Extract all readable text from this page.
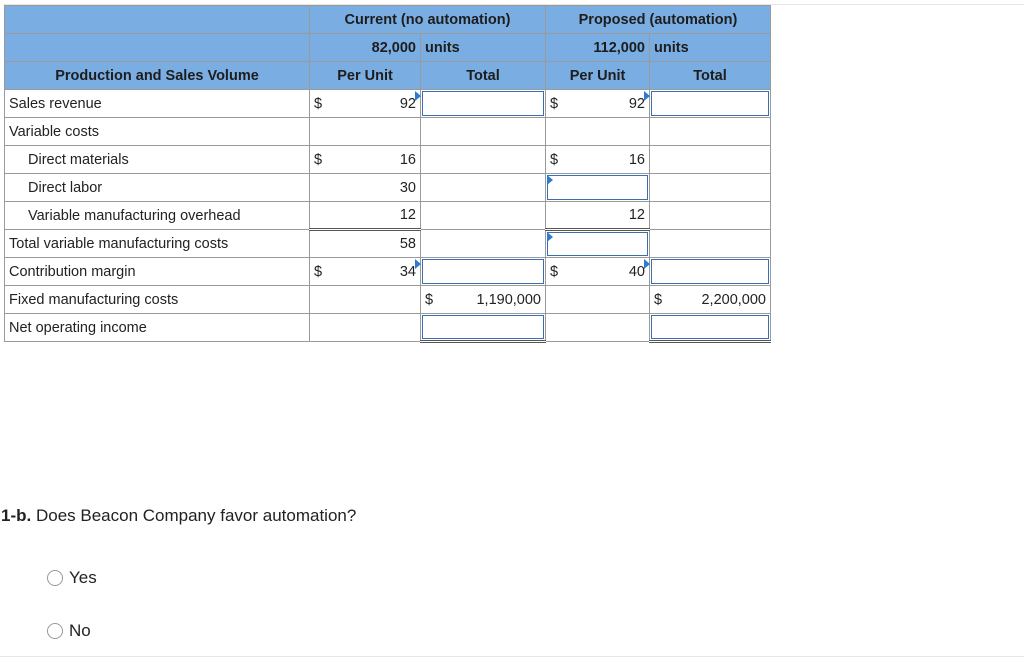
	Current (no automation)		Proposed (automation)	
	82,000	units	112,000	units
Production and Sales Volume	Per Unit	Total	Per Unit	Total
Sales revenue	$ 92		$ 92	

Variable costs				
Direct materials	$ 16		$ 16	

Direct labor	30		

Variable manufacturing overhead	12		12	
Total variable manufacturing costs	58		

Contribution margin	$ 34		$ 40	

Fixed manufacturing costs		$ 1,190,000		$ 2,200,000

Net operating income		

1-b. Does Beacon Company favor automation?
Yes
No
